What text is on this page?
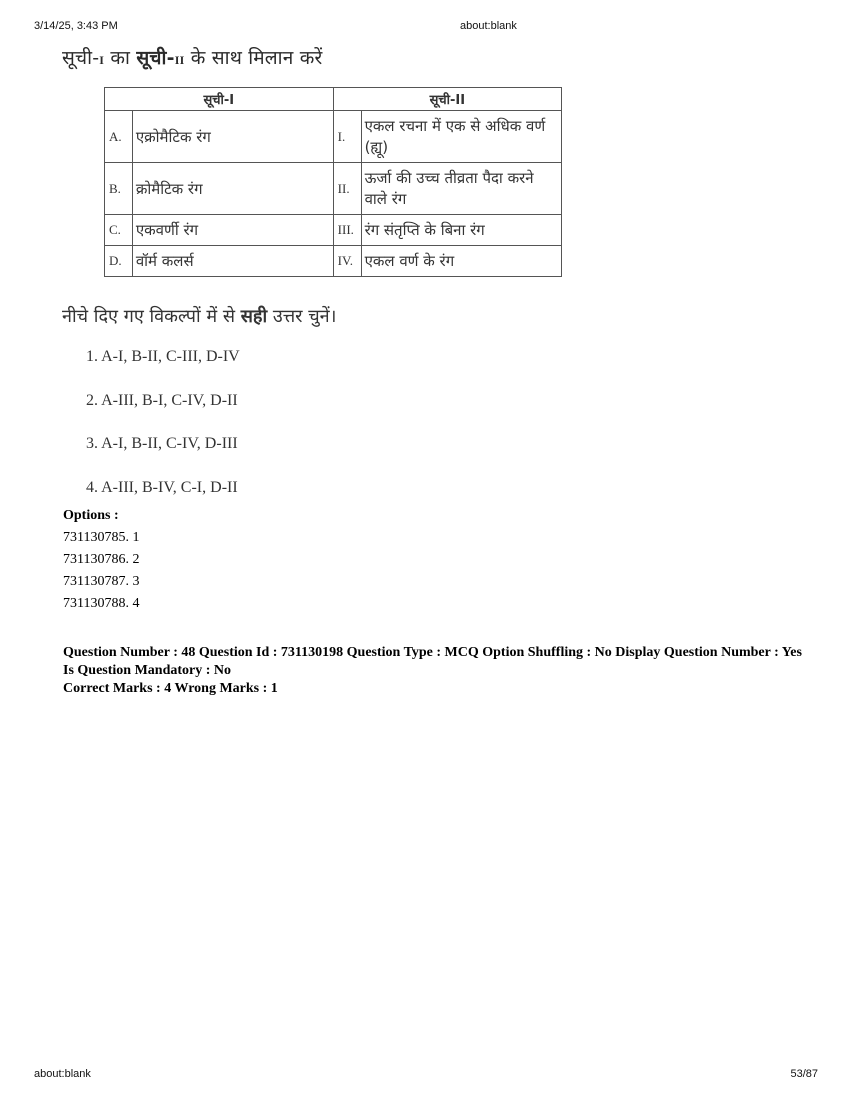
3/14/25, 3:43 PM	about:blank
सूची-I का सूची-II के साथ मिलान करें
सूची-I		सूची-II	
A.	एक्रोमैटिक रंग	I.	एकल रचना में एक से अधिक वर्ण (ह्यू)
B.	क्रोमैटिक रंग	II.	ऊर्जा की उच्च तीव्रता पैदा करने वाले रंग
C.	एकवर्णी रंग	III.	रंग संतृप्ति के बिना रंग
D.	वॉर्म कलर्स	IV.	एकल वर्ण के रंग
नीचे दिए गए विकल्पों में से सही उत्तर चुनें।
1. A-I, B-II, C-III, D-IV
2. A-III, B-I, C-IV, D-II
3. A-I, B-II, C-IV, D-III
4. A-III, B-IV, C-I, D-II
Options :
731130785. 1
731130786. 2
731130787. 3
731130788. 4
Question Number : 48 Question Id : 731130198 Question Type : MCQ Option Shuffling : No Display Question Number : Yes Is Question Mandatory : No
Correct Marks : 4 Wrong Marks : 1
about:blank	53/87
